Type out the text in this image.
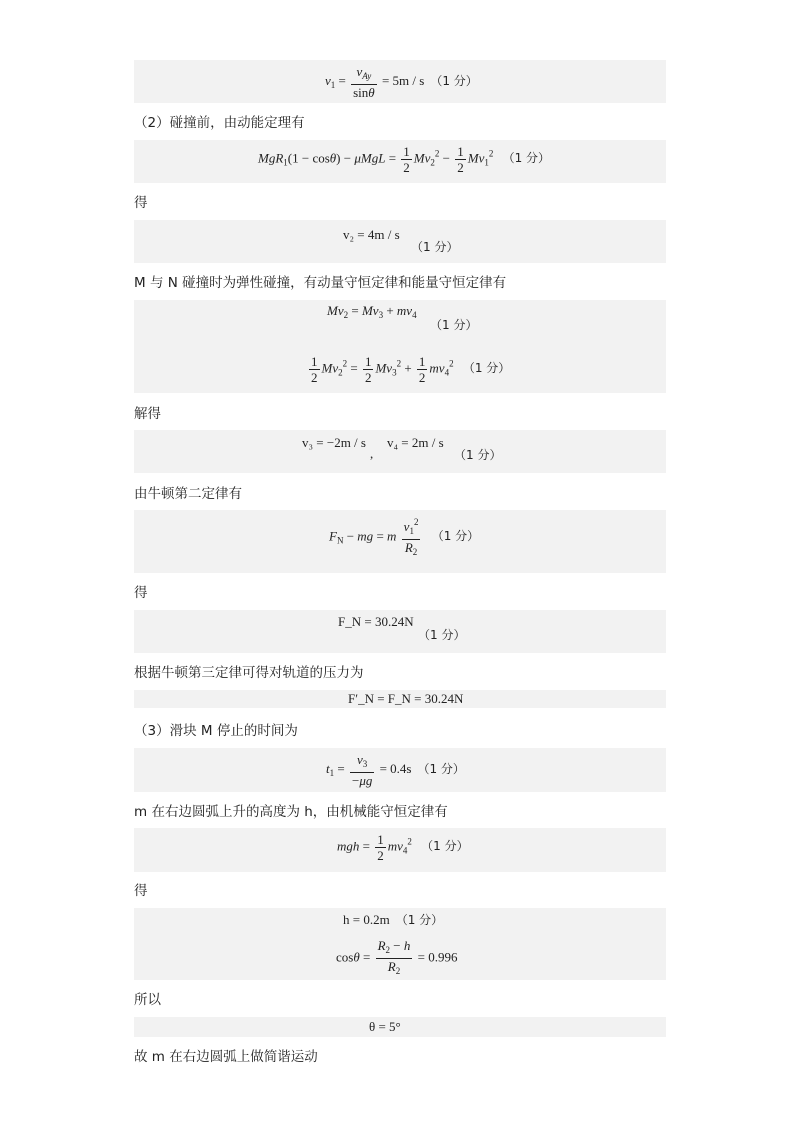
$v_1 = \frac{v_{Ay}}{\sin\theta} = 5m / s$ （1 分）
（2）碰撞前，由动能定理有
$MgR_1(1 - \cos\theta) - \mu MgL = \frac{1}{2} Mv_2^2 - \frac{1}{2} Mv_1^2$ （1 分）
得
v₂ = 4m / s
（1 分）
M 与 N 碰撞时为弹性碰撞，有动量守恒定律和能量守恒定律有
$Mv_2 = Mv_3 + mv_4$
（1 分）
$\frac{1}{2} Mv_2^2 = \frac{1}{2} Mv_3^2 + \frac{1}{2} mv_4^2$ （1 分）
解得
v₃ = −2m / s
,
v₄ = 2m / s
（1 分）
由牛顿第二定律有
$F_N$ − mg = m $\frac{v_1^2}{R_2} (1$ 分）
得
F_N = 30.24N
（1 分）
根据牛顿第三定律可得对轨道的压力为
F′_N = F_N = 30.24N
（3）滑块 M 停止的时间为
$t_1 = \frac{v_3}{-\mu g} = 0.4s$ （1 分）
m 在右边圆弧上升的高度为 h，由机械能守恒定律有
mgh = $\frac{1}{2} mv_4^2$ （1 分）
得
h = 0.2m （1 分）
$\cos\theta = \frac{R_2 - h}{R_2} = 0.996$
所以
θ = 5°
故 m 在右边圆弧上做简谐运动
